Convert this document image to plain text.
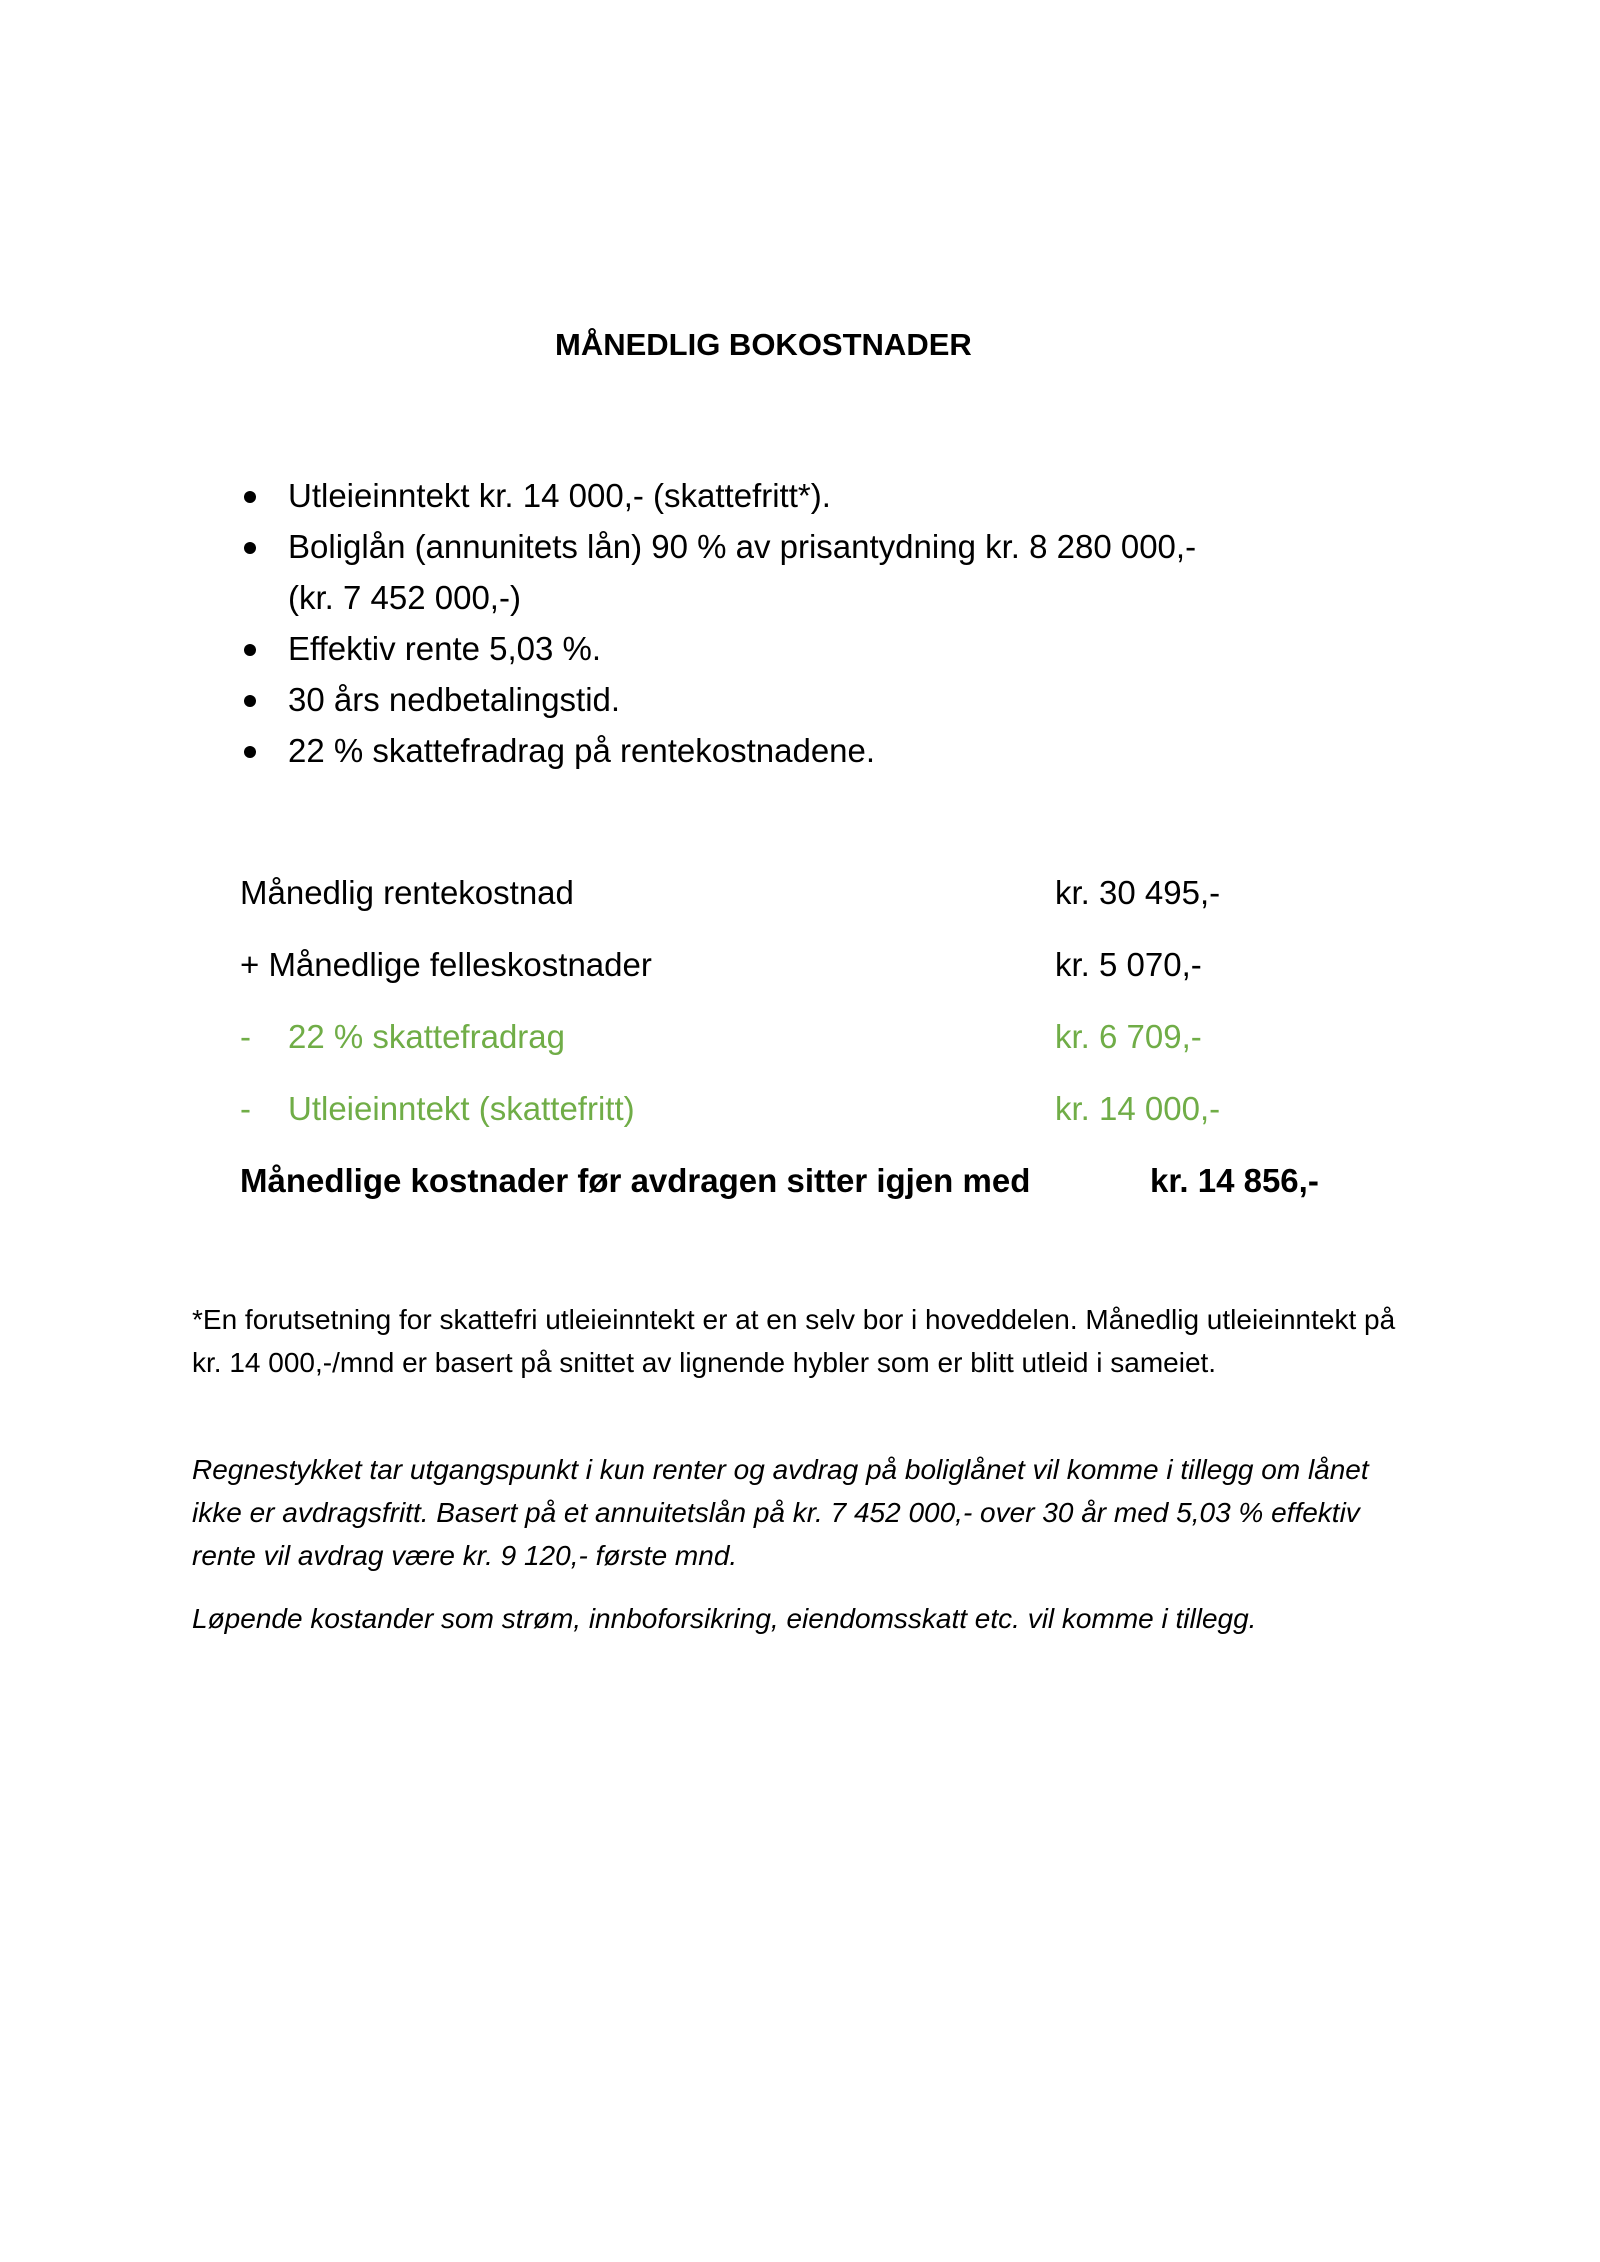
MÅNEDLIG BOKOSTNADER
Utleieinntekt kr. 14 000,- (skattefritt*).
Boliglån (annunitets lån) 90 % av prisantydning kr. 8 280 000,-
(kr. 7 452 000,-)
Effektiv rente 5,03 %.
30 års nedbetalingstid.
22 % skattefradrag på rentekostnadene.
Månedlig rentekostnad	kr. 30 495,-
+ Månedlige felleskostnader	kr. 5 070,-
- 22 % skattefradrag	kr. 6 709,-
- Utleieinntekt (skattefritt)	kr. 14 000,-
Månedlige kostnader før avdragen sitter igjen med	kr. 14 856,-

*En forutsetning for skattefri utleieinntekt er at en selv bor i hoveddelen. Månedlig utleieinntekt på kr. 14 000,-/mnd er basert på snittet av lignende hybler som er blitt utleid i sameiet.

Regnestykket tar utgangspunkt i kun renter og avdrag på boliglånet vil komme i tillegg om lånet ikke er avdragsfritt. Basert på et annuitetslån på kr. 7 452 000,- over 30 år med 5,03 % effektiv rente vil avdrag være kr. 9 120,- første mnd.

Løpende kostander som strøm, innboforsikring, eiendomsskatt etc. vil komme i tillegg.
